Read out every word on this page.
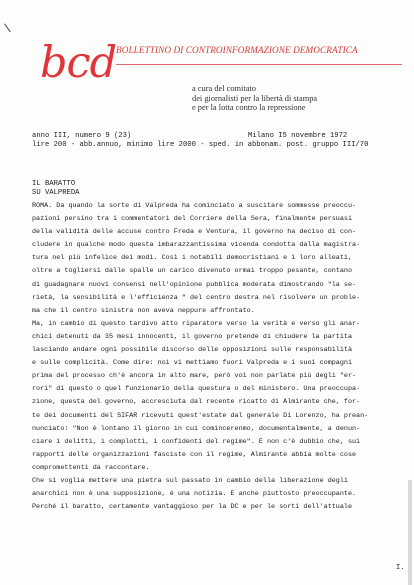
bcd BOLLETTINO DI CONTROINFORMAZIONE DEMOCRATICA
a cura del comitato
dei giornalisti per la libertà di stampa
e per la lotta contro la repressione
anno III, numero 9 (23)	Milano I5 novembre 1972
lire 200 - abb.annuo, minimo lire 2000 - sped. in abbonam. post. gruppo III/70
IL BARATTO
SU VALPREDA
ROMA. Da quando la sorte di Valpreda ha cominciato a suscitare sommesse preoccu-
pazioni persino tra i commentatori del Corriere della Sera, finalmente persuasi
della validità delle accuse contro Freda e Ventura, il governo ha deciso di con-
cludere in qualche modo questa imbarazzantissima vicenda condotta dalla magistra-
tura nel più infelice dei modi. Così i notabili democristiani e i loro alleati,
oltre a togliersi dalle spalle un carico divenuto ormai troppo pesante, contano
di guadagnare nuovi consensi nell'opinione pubblica moderata dimostrando "la se-
rietà, la sensibilità e l'efficienza " del centro destra nel risolvere un proble-
ma che il centro sinistra non aveva neppure affrontato.
Ma, in cambio di questo tardivo atto riparatore verso la verità e verso gli anar-
chici detenuti da 35 mesi innocenti, il governo pretende di chiudere la partita
lasciando andare ogni possibile discorso delle opposizioni sulle responsabilità
e sulle complicità. Come dire: noi vi mettiamo fuori Valpreda e i suoi compagni
prima del processo ch'è ancora in alto mare, però voi non parlate più degli "er-
rori" di questo o quel funzionario della questura o del ministero. Una preoccupa-
zione, questa del governo, accresciuta dal recente ricatto di Almirante che, for-
te dei documenti del SIFAR ricevuti quest'estate dal generale Di Lorenzo, ha prean-
nunciato: "Non è lontano il giorno in cui comincerenmo, documentalmente, a denun-
ciare i delitti, i complotti, i confidenti del regime". E non c'è dubbio che, sui
rapporti delle organizzazioni fasciste con il regime, Almirante abbia molte cose
compromettenti da raccontare.
Che si voglia mettere una pietra sul passato in cambio della liberazione degli
anarchici non è una supposizione, è una notizia. E anche piuttosto preoccupante.
Perché il baratto, certamente vantaggioso per la DC e per le sorti dell'attuale
I.
